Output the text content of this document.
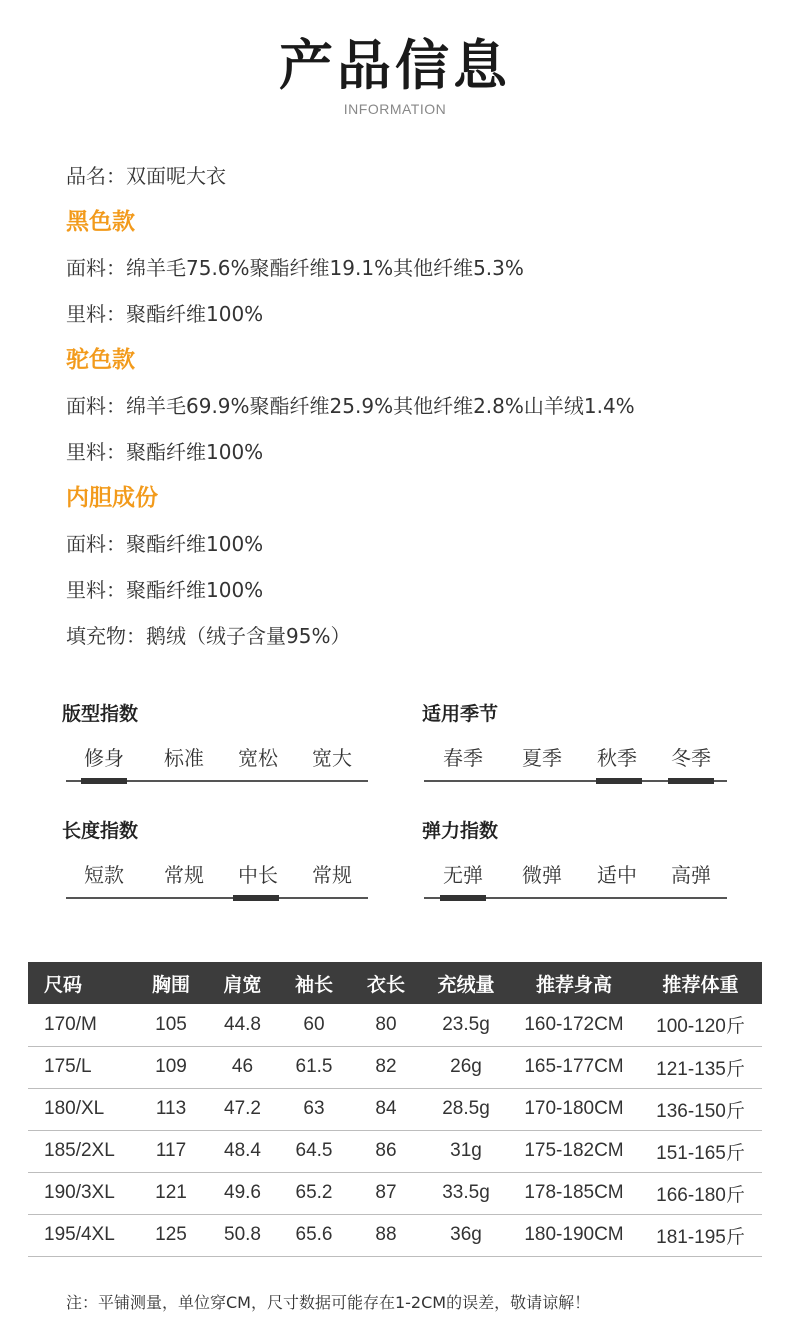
产品信息
INFORMATION
品名：双面呢大衣
黑色款
面料：绵羊毛75.6%聚酯纤维19.1%其他纤维5.3%
里料：聚酯纤维100%
驼色款
面料：绵羊毛69.9%聚酯纤维25.9%其他纤维2.8%山羊绒1.4%
里料：聚酯纤维100%
内胆成份
面料：聚酯纤维100%
里料：聚酯纤维100%
填充物：鹅绒（绒子含量95%）
版型指数
修身	标准	宽松	宽大
适用季节
春季	夏季	秋季	冬季
长度指数
短款	常规	中长	常规
弹力指数
无弹	微弹	适中	高弹
尺码	胸围	肩宽	袖长	衣长	充绒量	推荐身高	推荐体重
170/M	105	44.8	60	80	23.5g	160-172CM	100-120斤
175/L	109	46	61.5	82	26g	165-177CM	121-135斤
180/XL	113	47.2	63	84	28.5g	170-180CM	136-150斤
185/2XL	117	48.4	64.5	86	31g	175-182CM	151-165斤
190/3XL	121	49.6	65.2	87	33.5g	178-185CM	166-180斤
195/4XL	125	50.8	65.6	88	36g	180-190CM	181-195斤
注：平铺测量，单位穿CM，尺寸数据可能存在1-2CM的误差，敬请谅解！
